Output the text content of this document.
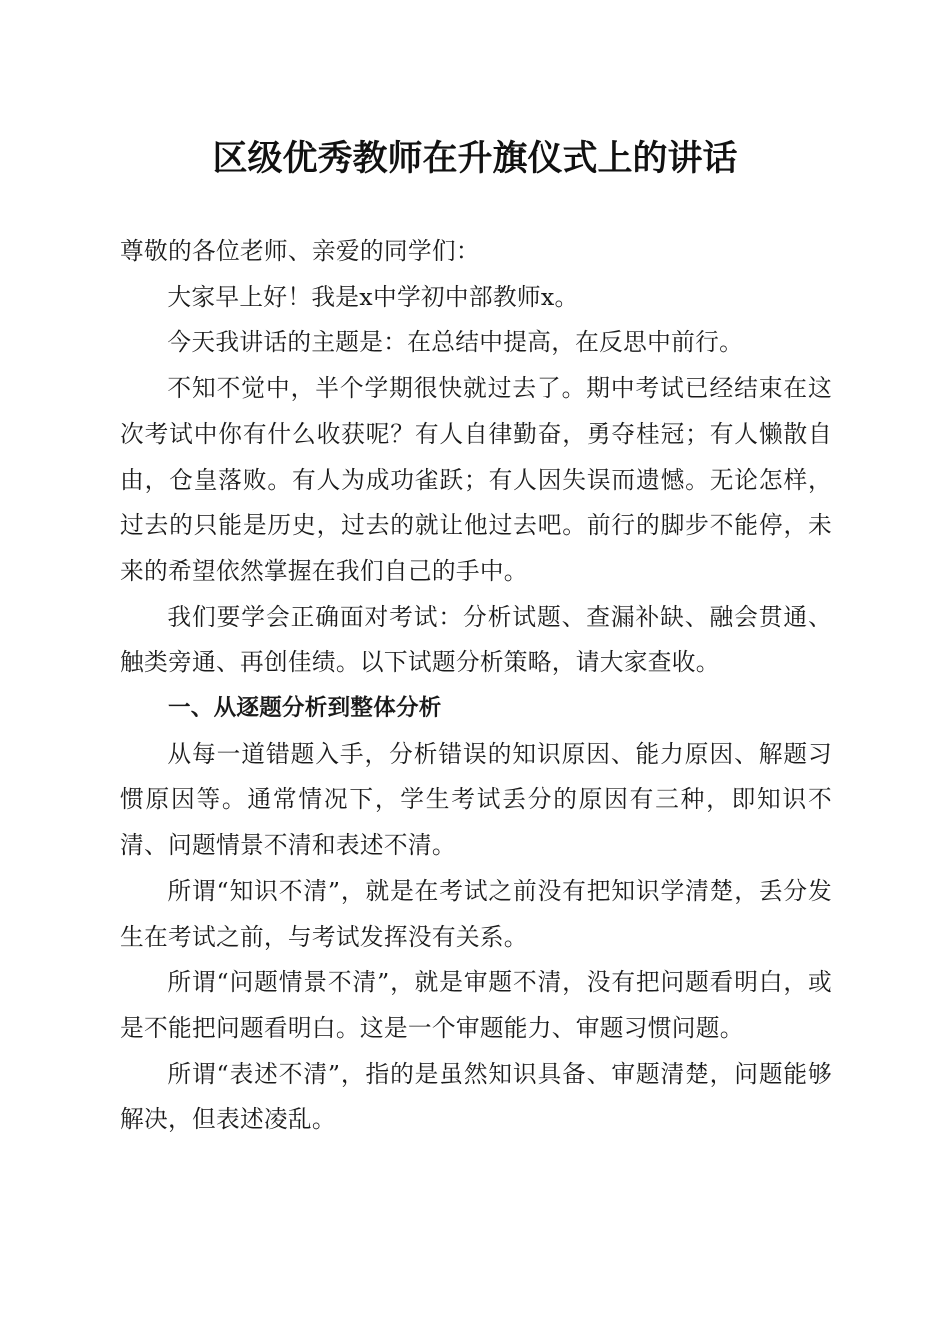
区级优秀教师在升旗仪式上的讲话

尊敬的各位老师、亲爱的同学们：

大家早上好！我是x中学初中部教师x。

今天我讲话的主题是：在总结中提高，在反思中前行。

不知不觉中，半个学期很快就过去了。期中考试已经结束在这次考试中你有什么收获呢？有人自律勤奋，勇夺桂冠；有人懒散自由，仓皇落败。有人为成功雀跃；有人因失误而遗憾。无论怎样，过去的只能是历史，过去的就让他过去吧。前行的脚步不能停，未来的希望依然掌握在我们自己的手中。

我们要学会正确面对考试：分析试题、查漏补缺、融会贯通、触类旁通、再创佳绩。以下试题分析策略，请大家查收。

一、从逐题分析到整体分析

从每一道错题入手，分析错误的知识原因、能力原因、解题习惯原因等。通常情况下，学生考试丢分的原因有三种，即知识不清、问题情景不清和表述不清。

所谓“知识不清”，就是在考试之前没有把知识学清楚，丢分发生在考试之前，与考试发挥没有关系。

所谓“问题情景不清”，就是审题不清，没有把问题看明白，或是不能把问题看明白。这是一个审题能力、审题习惯问题。

所谓“表述不清”，指的是虽然知识具备、审题清楚，问题能够解决，但表述凌乱。
